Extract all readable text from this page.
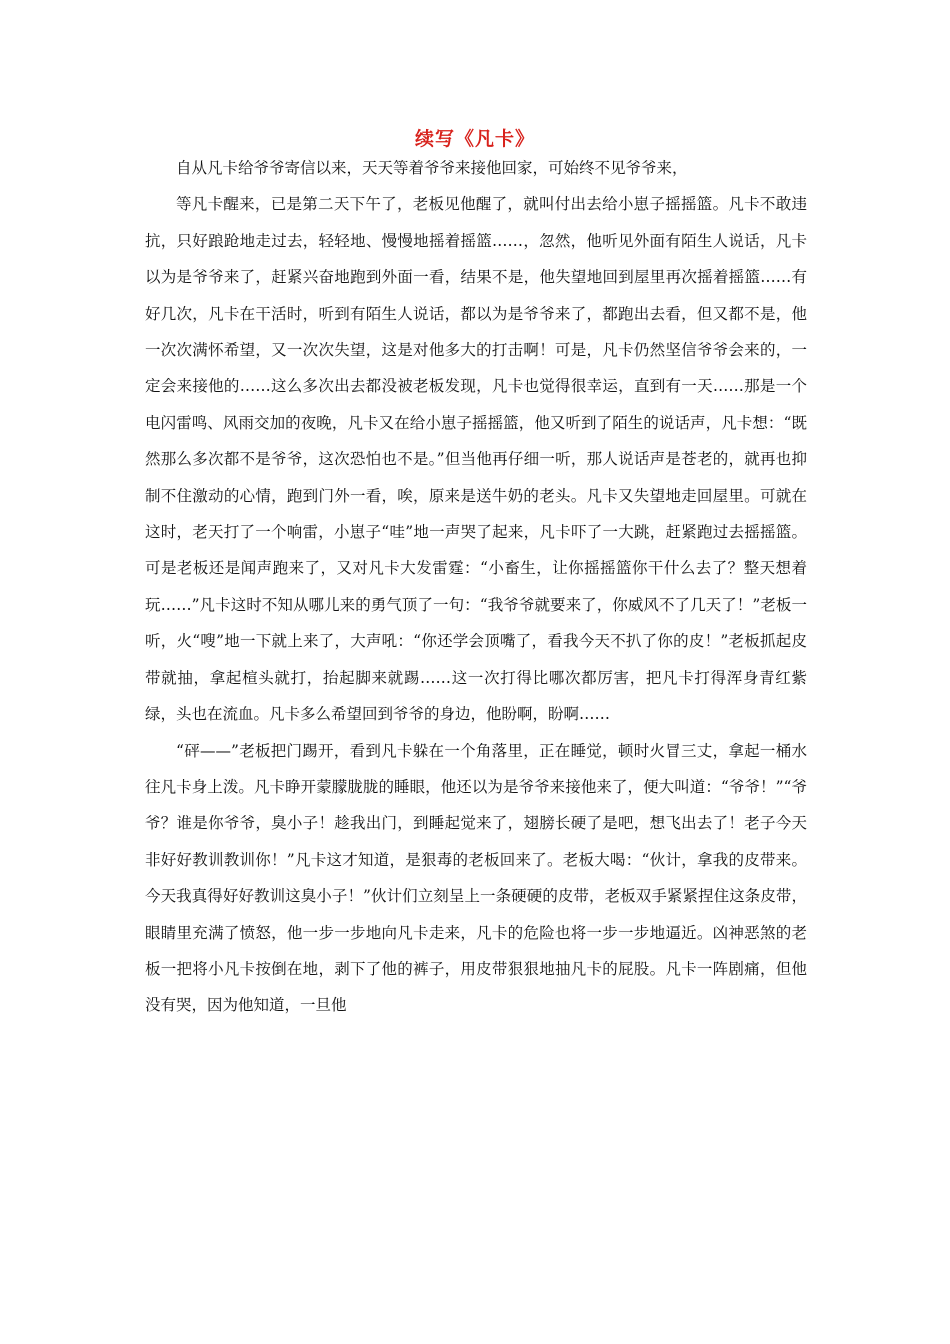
续写《凡卡》

自从凡卡给爷爷寄信以来，天天等着爷爷来接他回家，可始终不见爷爷来，

等凡卡醒来，已是第二天下午了，老板见他醒了，就叫付出去给小崽子摇摇篮。凡卡不敢违抗，只好踉跄地走过去，轻轻地、慢慢地摇着摇篮……，忽然，他听见外面有陌生人说话，凡卡以为是爷爷来了，赶紧兴奋地跑到外面一看，结果不是，他失望地回到屋里再次摇着摇篮……有好几次，凡卡在干活时，听到有陌生人说话，都以为是爷爷来了，都跑出去看，但又都不是，他一次次满怀希望，又一次次失望，这是对他多大的打击啊！可是，凡卡仍然坚信爷爷会来的，一定会来接他的……这么多次出去都没被老板发现，凡卡也觉得很幸运，直到有一天……那是一个电闪雷鸣、风雨交加的夜晚，凡卡又在给小崽子摇摇篮，他又听到了陌生的说话声，凡卡想：“既然那么多次都不是爷爷，这次恐怕也不是。”但当他再仔细一听，那人说话声是苍老的，就再也抑制不住激动的心情，跑到门外一看，唉，原来是送牛奶的老头。凡卡又失望地走回屋里。可就在这时，老天打了一个响雷，小崽子“哇”地一声哭了起来，凡卡吓了一大跳，赶紧跑过去摇摇篮。可是老板还是闻声跑来了，又对凡卡大发雷霆：“小畜生，让你摇摇篮你干什么去了？整天想着玩……”凡卡这时不知从哪儿来的勇气顶了一句：“我爷爷就要来了，你威风不了几天了！”老板一听，火“嗖”地一下就上来了，大声吼：“你还学会顶嘴了，看我今天不扒了你的皮！”老板抓起皮带就抽，拿起楦头就打，抬起脚来就踢……这一次打得比哪次都厉害，把凡卡打得浑身青红紫绿，头也在流血。凡卡多么希望回到爷爷的身边，他盼啊，盼啊……

“砰——”老板把门踢开，看到凡卡躲在一个角落里，正在睡觉，顿时火冒三丈，拿起一桶水往凡卡身上泼。凡卡睁开蒙朦胧胧的睡眼，他还以为是爷爷来接他来了，便大叫道：“爷爷！”“爷爷？谁是你爷爷，臭小子！趁我出门，到睡起觉来了，翅膀长硬了是吧，想飞出去了！老子今天非好好教训教训你！”凡卡这才知道，是狠毒的老板回来了。老板大喝：“伙计，拿我的皮带来。今天我真得好好教训这臭小子！”伙计们立刻呈上一条硬硬的皮带，老板双手紧紧捏住这条皮带，眼睛里充满了愤怒，他一步一步地向凡卡走来，凡卡的危险也将一步一步地逼近。凶神恶煞的老板一把将小凡卡按倒在地，剥下了他的裤子，用皮带狠狠地抽凡卡的屁股。凡卡一阵剧痛，但他没有哭，因为他知道，一旦他
